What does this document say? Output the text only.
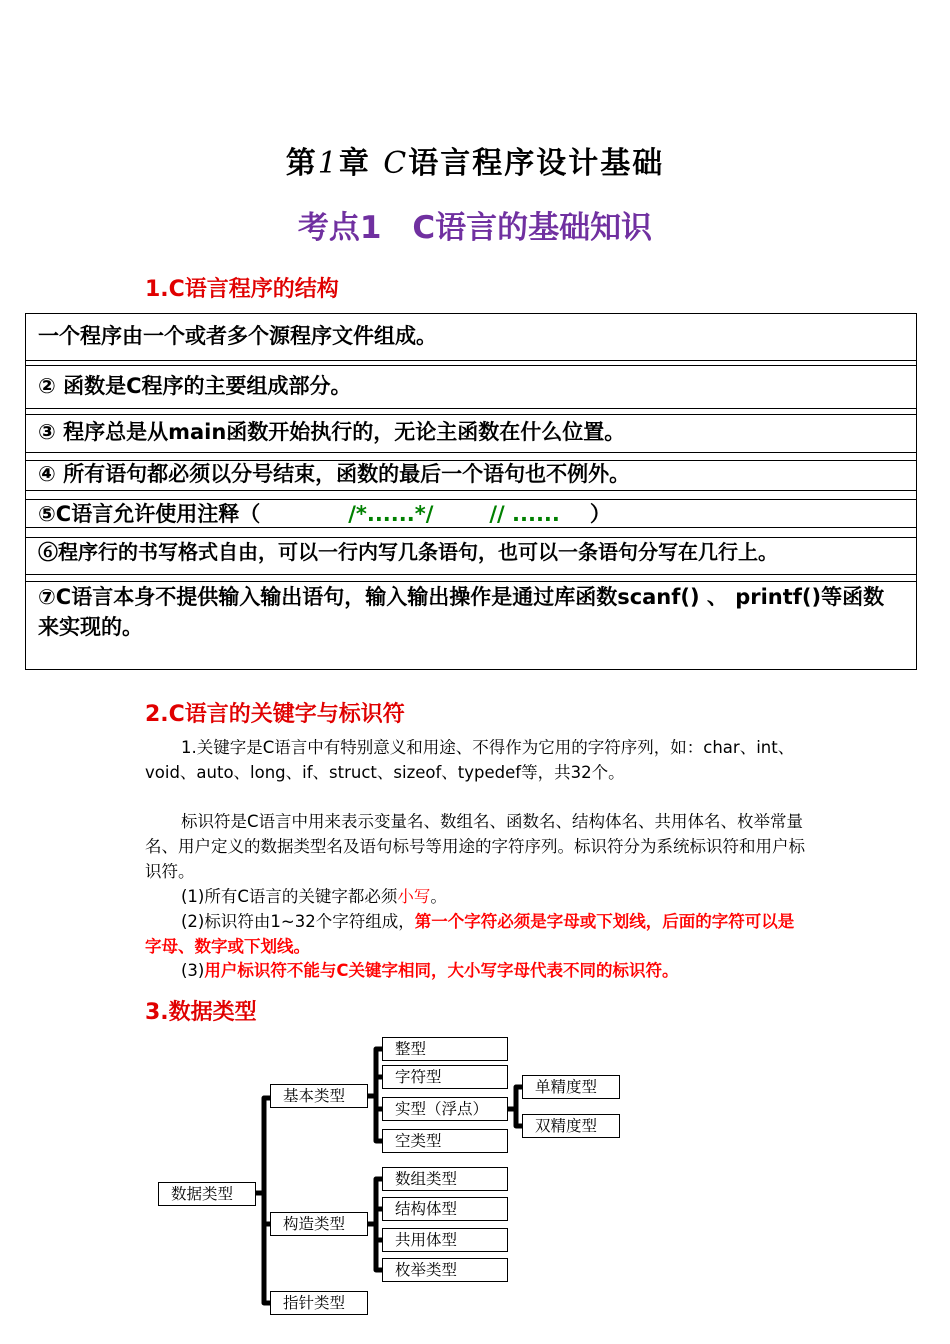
第1章 C语言程序设计基础
考点1　C语言的基础知识
1.C语言程序的结构
一个程序由一个或者多个源程序文件组成。
② 函数是C程序的主要组成部分。
③ 程序总是从main函数开始执行的，无论主函数在什么位置。
④ 所有语句都必须以分号结束，函数的最后一个语句也不例外。
⑤C语言允许使用注释（	/*......*/	// ...... ）
⑥程序行的书写格式自由，可以一行内写几条语句，也可以一条语句分写在几行上。
⑦C语言本身不提供输入输出语句，输入输出操作是通过库函数scanf() 、 printf()等函数来实现的。
2.C语言的关键字与标识符
1.关键字是C语言中有特别意义和用途、不得作为它用的字符序列，如：char、int、void、auto、long、if、struct、sizeof、typedef等，共32个。
标识符是C语言中用来表示变量名、数组名、函数名、结构体名、共用体名、枚举常量名、用户定义的数据类型名及语句标号等用途的字符序列。标识符分为系统标识符和用户标识符。
(1)所有C语言的关键字都必须小写。
(2)标识符由1~32个字符组成，第一个字符必须是字母或下划线，后面的字符可以是字母、数字或下划线。
(3)用户标识符不能与C关键字相同，大小写字母代表不同的标识符。
3.数据类型
数据类型
基本类型
构造类型
指针类型
整型
字符型
实型（浮点）
空类型
单精度型
双精度型
数组类型
结构体型
共用体型
枚举类型
